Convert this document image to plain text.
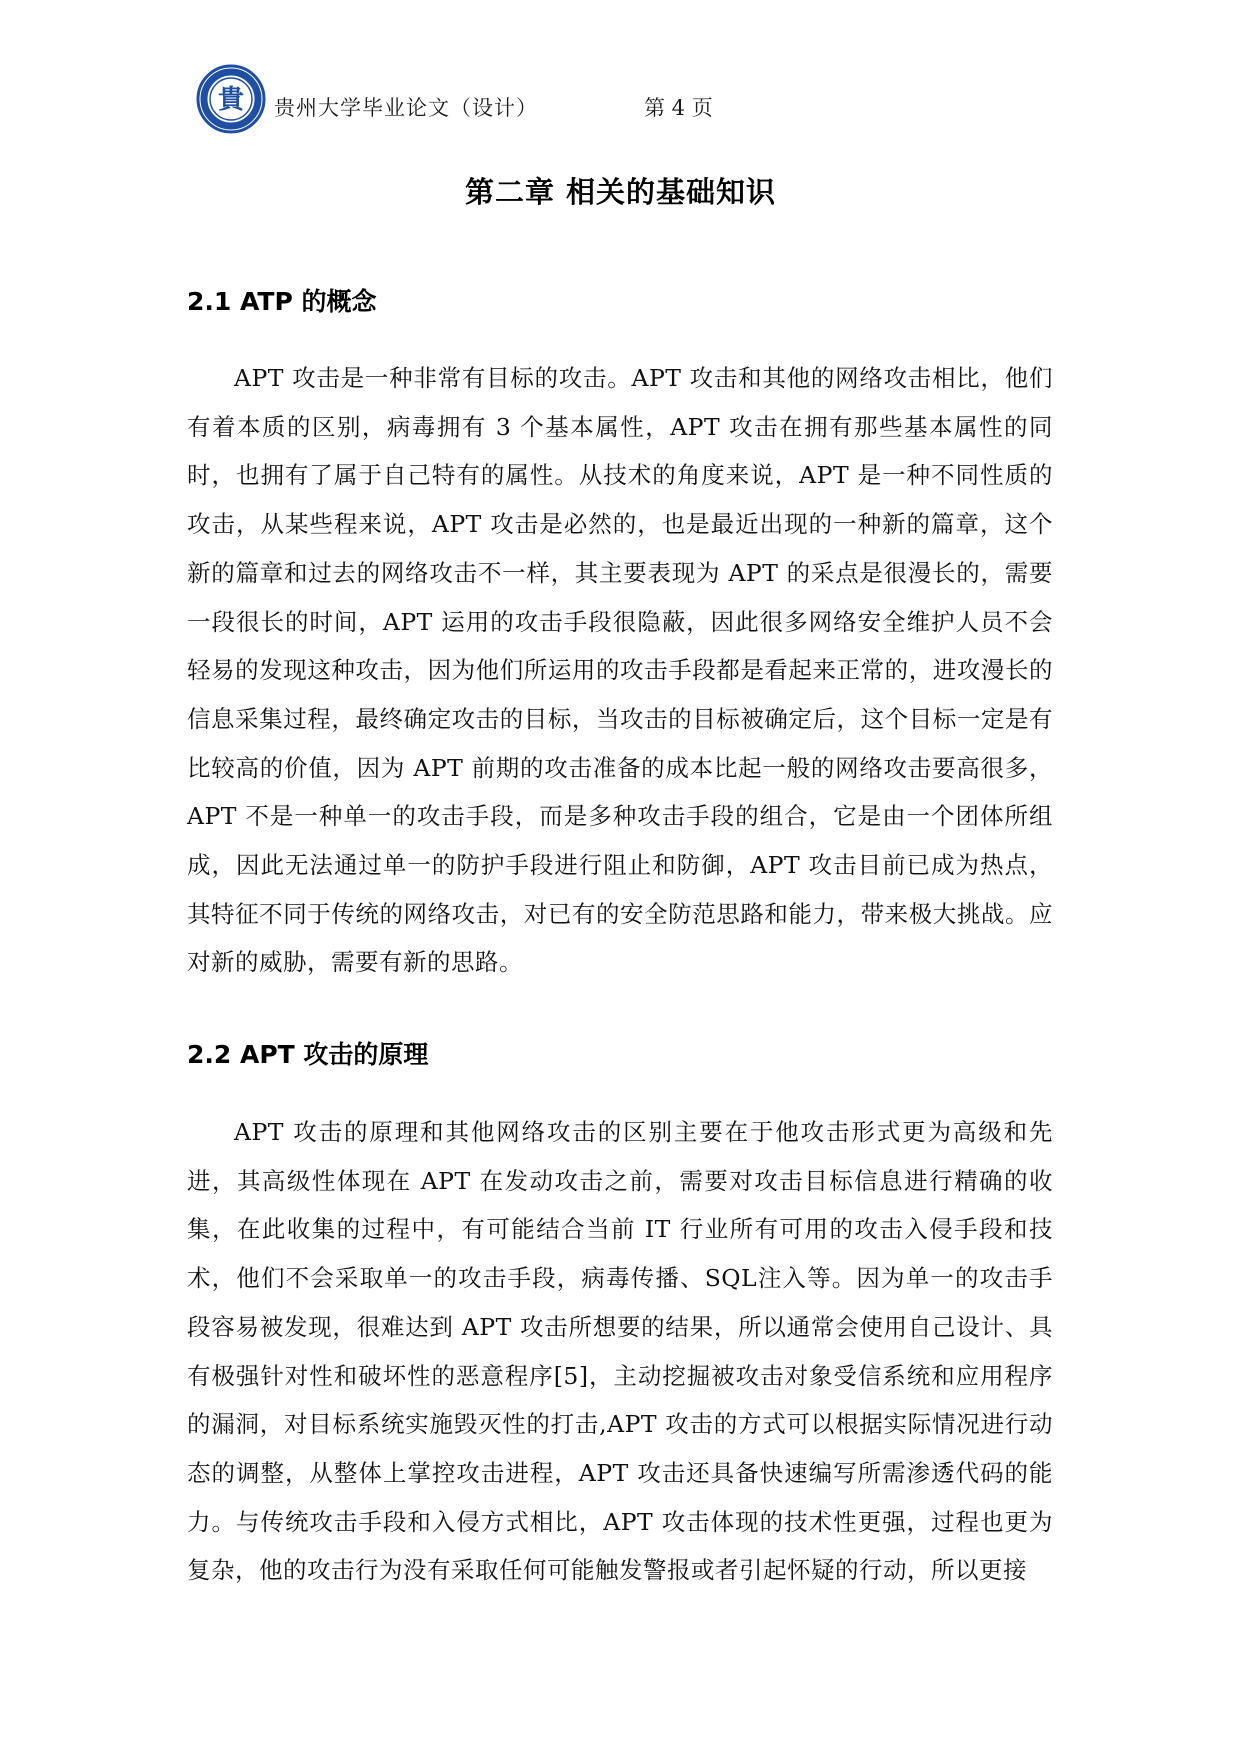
貴 贵州大学毕业论文（设计）	第 4 页
第二章 相关的基础知识
2.1 ATP 的概念

APT 攻击是一种非常有目标的攻击。APT 攻击和其他的网络攻击相比，他们有着本质的区别，病毒拥有 3 个基本属性，APT 攻击在拥有那些基本属性的同时，也拥有了属于自己特有的属性。从技术的角度来说，APT 是一种不同性质的攻击，从某些程来说，APT 攻击是必然的，也是最近出现的一种新的篇章，这个新的篇章和过去的网络攻击不一样，其主要表现为 APT 的采点是很漫长的，需要一段很长的时间，APT 运用的攻击手段很隐蔽，因此很多网络安全维护人员不会轻易的发现这种攻击，因为他们所运用的攻击手段都是看起来正常的，进攻漫长的信息采集过程，最终确定攻击的目标，当攻击的目标被确定后，这个目标一定是有比较高的价值，因为 APT 前期的攻击准备的成本比起一般的网络攻击要高很多，APT 不是一种单一的攻击手段，而是多种攻击手段的组合，它是由一个团体所组成，因此无法通过单一的防护手段进行阻止和防御，APT 攻击目前已成为热点，其特征不同于传统的网络攻击，对已有的安全防范思路和能力，带来极大挑战。应对新的威胁，需要有新的思路。

2.2 APT 攻击的原理

APT 攻击的原理和其他网络攻击的区别主要在于他攻击形式更为高级和先进，其高级性体现在 APT 在发动攻击之前，需要对攻击目标信息进行精确的收集，在此收集的过程中，有可能结合当前 IT 行业所有可用的攻击入侵手段和技术，他们不会采取单一的攻击手段，病毒传播、SQL注入等。因为单一的攻击手段容易被发现，很难达到 APT 攻击所想要的结果，所以通常会使用自己设计、具有极强针对性和破坏性的恶意程序[5]，主动挖掘被攻击对象受信系统和应用程序的漏洞，对目标系统实施毁灭性的打击,APT 攻击的方式可以根据实际情况进行动态的调整，从整体上掌控攻击进程，APT 攻击还具备快速编写所需渗透代码的能力。与传统攻击手段和入侵方式相比，APT 攻击体现的技术性更强，过程也更为复杂，他的攻击行为没有采取任何可能触发警报或者引起怀疑的行动，所以更接
